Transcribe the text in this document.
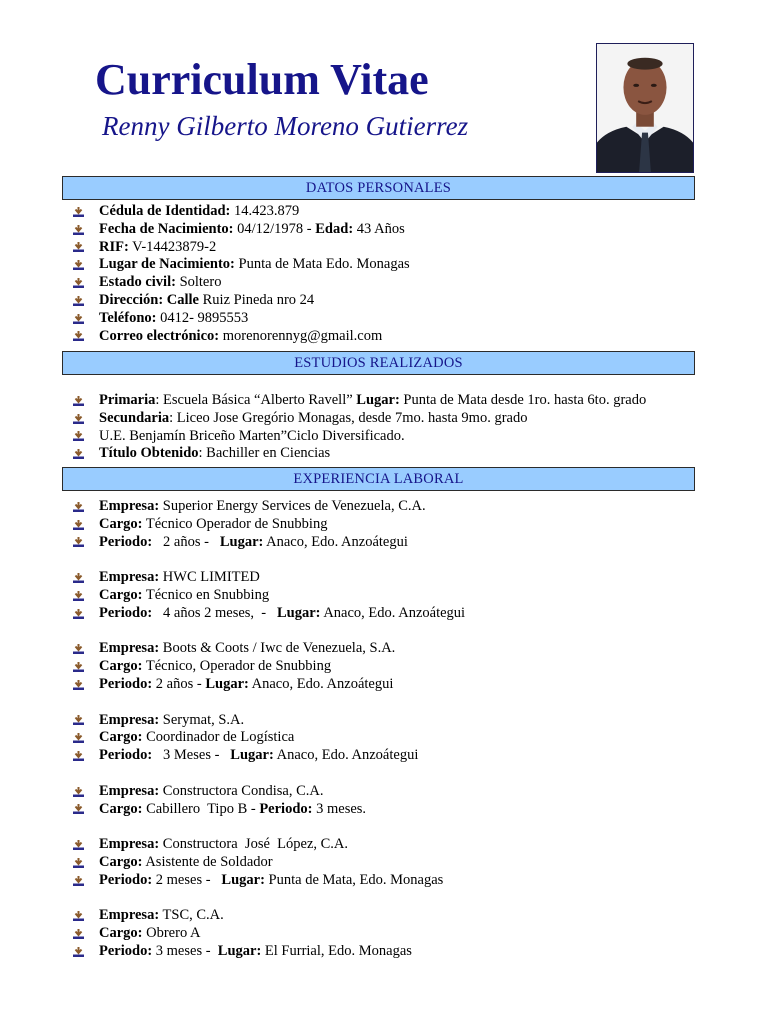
Curriculum Vitae
Renny Gilberto Moreno Gutierrez
DATOS PERSONALES
Cédula de Identidad: 14.423.879
Fecha de Nacimiento: 04/12/1978 - Edad: 43 Años
RIF: V-14423879-2
Lugar de Nacimiento: Punta de Mata Edo. Monagas
Estado civil: Soltero
Dirección: Calle Ruiz Pineda nro 24
Teléfono: 0412- 9895553
Correo electrónico: morenorennyg@gmail.com
ESTUDIOS REALIZADOS
Primaria: Escuela Básica “Alberto Ravell” Lugar: Punta de Mata desde 1ro. hasta 6to. grado
Secundaria: Liceo Jose Gregório Monagas, desde 7mo. hasta 9mo. grado
U.E. Benjamín Briceño Marten”Ciclo Diversificado.
Título Obtenido: Bachiller en Ciencias
EXPERIENCIA LABORAL
Empresa: Superior Energy Services de Venezuela, C.A.
Cargo: Técnico Operador de Snubbing
Periodo:   2 años -   Lugar: Anaco, Edo. Anzoátegui
Empresa: HWC LIMITED
Cargo: Técnico en Snubbing
Periodo:   4 años 2 meses,  -   Lugar: Anaco, Edo. Anzoátegui
Empresa: Boots & Coots / Iwc de Venezuela, S.A.
Cargo: Técnico, Operador de Snubbing
Periodo: 2 años - Lugar: Anaco, Edo. Anzoátegui
Empresa: Serymat, S.A.
Cargo: Coordinador de Logística
Periodo:   3 Meses -   Lugar: Anaco, Edo. Anzoátegui
Empresa: Constructora Condisa, C.A.
Cargo: Cabillero  Tipo B - Periodo: 3 meses.
Empresa: Constructora  José  López, C.A.
Cargo: Asistente de Soldador
Periodo: 2 meses -   Lugar: Punta de Mata, Edo. Monagas
Empresa: TSC, C.A.
Cargo: Obrero A
Periodo: 3 meses -  Lugar: El Furrial, Edo. Monagas
